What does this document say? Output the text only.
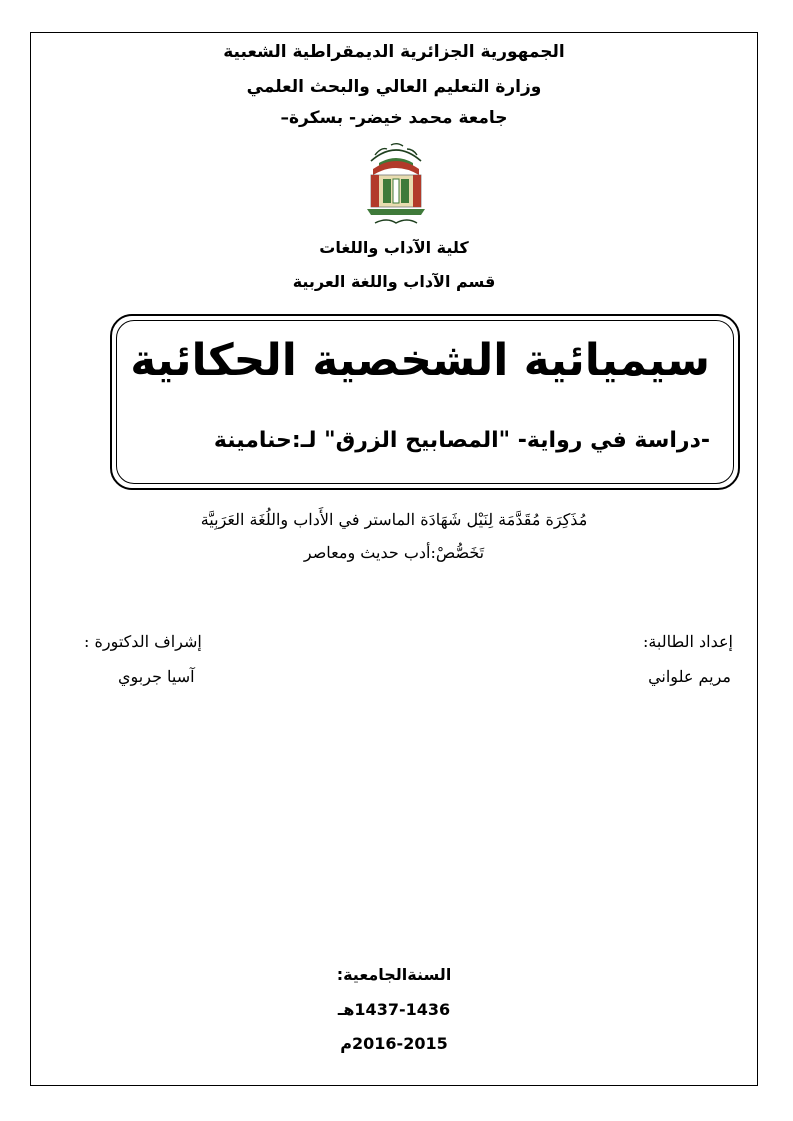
الجمهورية الجزائرية الديمقراطية الشعبية
وزارة التعليم العالي والبحث العلمي
جامعة محمد خيضر- بسكرة–
كلية الآداب واللغات
قسم الآداب واللغة العربية
سيميائية الشخصية الحكائية
-دراسة في رواية- "المصابيح الزرق" لـ:حنامينة
مُذَكِرَة مُقَدَّمَة لِنَيْل شَهَادَة الماستر في الأَداب واللُغَة العَرَبِيَّة
تَخَصُّصْ:أدب حديث ومعاصر
إعداد الطالبة:
مريم علواني
إشراف الدكتورة :
آسيا جربوي
السنةالجامعية:
1437-1436هـ
2016-2015م
